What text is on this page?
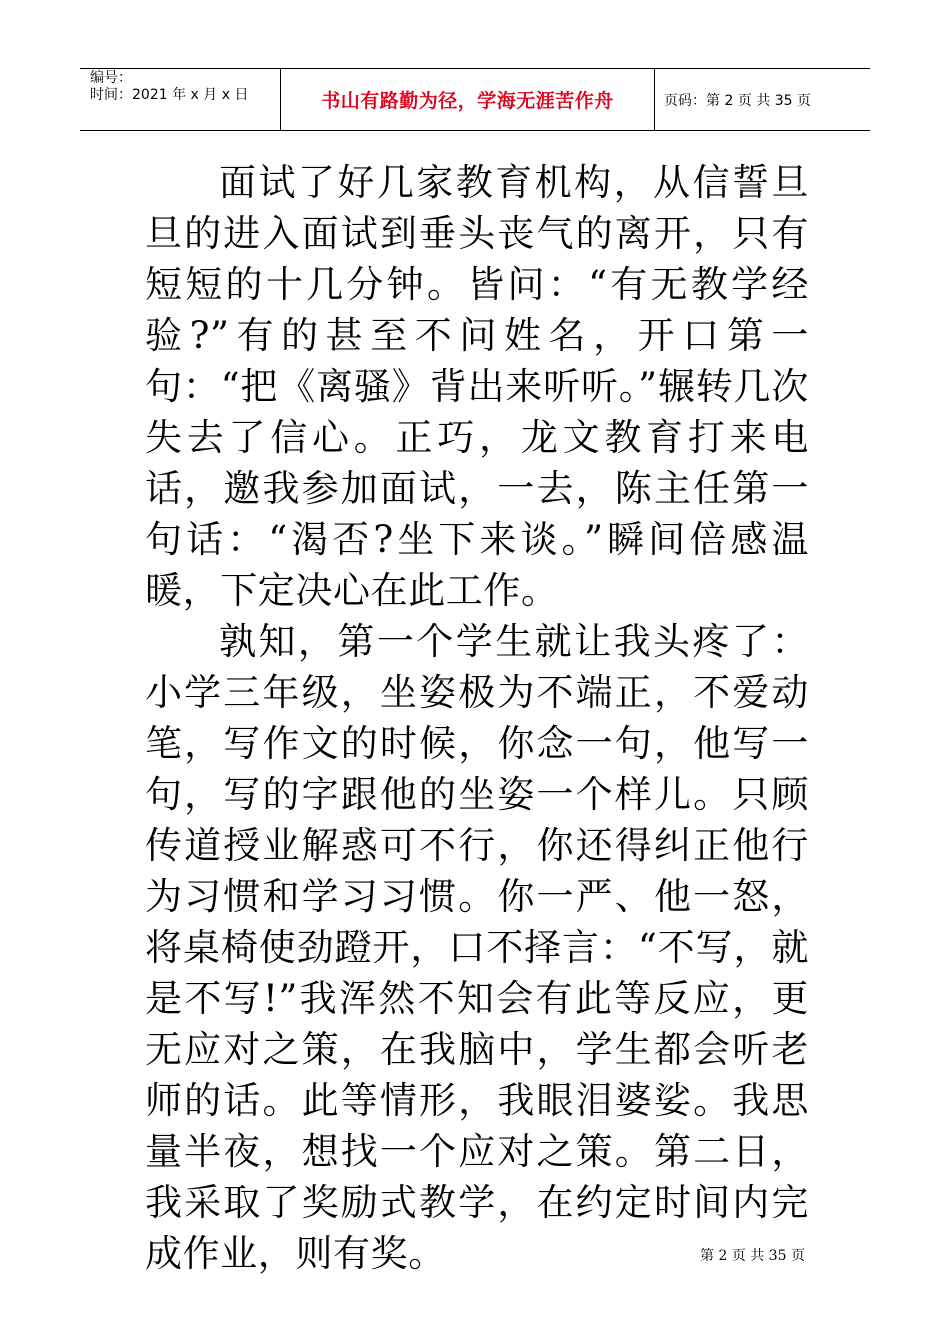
编号：
时间：2021 年 x 月 x 日	书山有路勤为径，学海无涯苦作舟	页码：第 2 页 共 35 页

面试了好几家教育机构，从信誓旦旦的进入面试到垂头丧气的离开，只有短短的十几分钟。皆问：“有无教学经验?”有的甚至不问姓名，开口第一句：“把《离骚》背出来听听。”辗转几次失去了信心。正巧，龙文教育打来电话，邀我参加面试，一去，陈主任第一句话：“渴否?坐下来谈。”瞬间倍感温暖，下定决心在此工作。

孰知，第一个学生就让我头疼了：小学三年级，坐姿极为不端正，不爱动笔，写作文的时候，你念一句，他写一句，写的字跟他的坐姿一个样儿。只顾传道授业解惑可不行，你还得纠正他行为习惯和学习习惯。你一严、他一怒，将桌椅使劲蹬开，口不择言：“不写，就是不写!”我浑然不知会有此等反应，更无应对之策，在我脑中，学生都会听老师的话。此等情形，我眼泪婆娑。我思量半夜，想找一个应对之策。第二日，我采取了奖励式教学，在约定时间内完成作业，则有奖。	第 2 页 共 35 页
